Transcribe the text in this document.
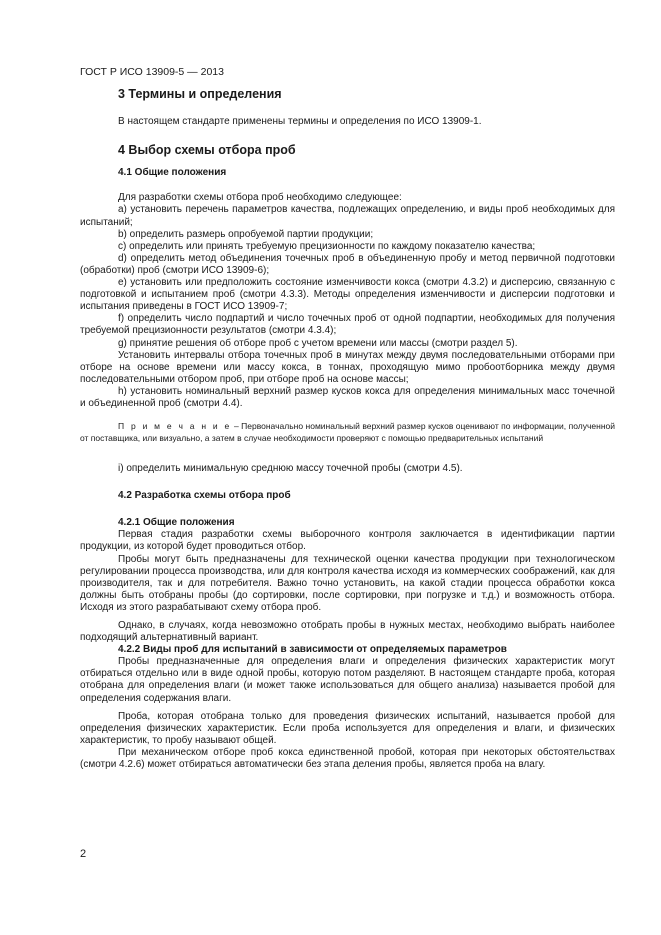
ГОСТ Р ИСО 13909-5 — 2013

3 Термины и определения

В настоящем стандарте применены термины и определения по ИСО 13909-1.

4 Выбор схемы отбора проб

4.1 Общие положения

Для разработки схемы отбора проб необходимо следующее:

a) установить перечень параметров качества, подлежащих определению, и виды проб необходимых для испытаний;

b) определить размерь опробуемой партии продукции;

c) определить или принять требуемую прецизионности по каждому показателю качества;

d) определить метод объединения точечных проб в объединенную пробу и метод первичной подготовки (обработки) проб (смотри ИСО 13909-6);

e) установить или предположить состояние изменчивости кокса (смотри 4.3.2) и дисперсию, связанную с подготовкой и испытанием проб (смотри 4.3.3). Методы определения изменчивости и дисперсии подготовки и испытания приведены в ГОСТ ИСО 13909-7;

f) определить число подпартий и число точечных проб от одной подпартии, необходимых для получения требуемой прецизионности результатов (смотри 4.3.4);

g) принятие решения об отборе проб с учетом времени или массы (смотри раздел 5).

Установить интервалы отбора точечных проб в минутах между двумя последовательными отборами при отборе на основе времени или массу кокса, в тоннах, проходящую мимо пробоотборника между двумя последовательными отбором проб, при отборе проб на основе массы;

h) установить номинальный верхний размер кусков кокса для определения минимальных масс точечной и объединенной проб (смотри 4.4).

П р и м е ч а н и е – Первоначально номинальный верхний размер кусков оценивают по информации, полученной от поставщика, или визуально, а затем в случае необходимости проверяют с помощью предварительных испытаний

i) определить минимальную среднюю массу точечной пробы (смотри 4.5).

4.2 Разработка схемы отбора проб

4.2.1 Общие положения

Первая стадия разработки схемы выборочного контроля заключается в идентификации партии продукции, из которой будет проводиться отбор.

Пробы могут быть предназначены для технической оценки качества продукции при технологическом регулировании процесса производства, или для контроля качества исходя из коммерческих соображений, как для производителя, так и для потребителя. Важно точно установить, на какой стадии процесса обработки кокса должны быть отобраны пробы (до сортировки, после сортировки, при погрузке и т.д.) и возможность отбора. Исходя из этого разрабатывают схему отбора проб.

Однако, в случаях, когда невозможно отобрать пробы в нужных местах, необходимо выбрать наиболее подходящий альтернативный вариант.

4.2.2 Виды проб для испытаний в зависимости от определяемых параметров

Пробы предназначенные для определения влаги и определения физических характеристик могут отбираться отдельно или в виде одной пробы, которую потом разделяют. В настоящем стандарте проба, которая отобрана для определения влаги (и может также использоваться для общего анализа) называется пробой для определения содержания влаги.

Проба, которая отобрана только для проведения физических испытаний, называется пробой для определения физических характеристик. Если проба используется для определения и влаги, и физических характеристик, то пробу называют общей.

При механическом отборе проб кокса единственной пробой, которая при некоторых обстоятельствах (смотри 4.2.6) может отбираться автоматически без этапа деления пробы, является проба на влагу.

2
